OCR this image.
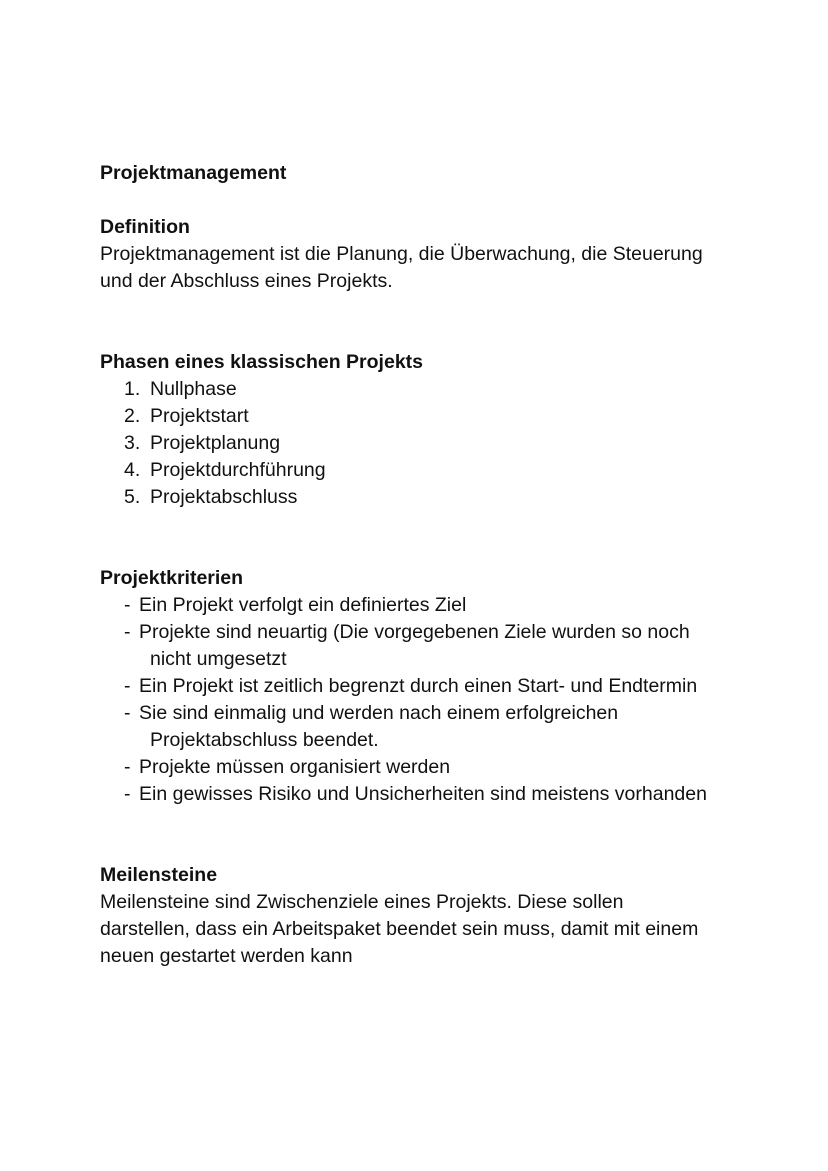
Projektmanagement

Definition

Projektmanagement ist die Planung, die Überwachung, die Steuerung

und der Abschluss eines Projekts.

Phasen eines klassischen Projekts

1. Nullphase
2. Projektstart
3. Projektplanung
4. Projektdurchführung
5. Projektabschluss

Projektkriterien

- Ein Projekt verfolgt ein definiertes Ziel
- Projekte sind neuartig (Die vorgegebenen Ziele wurden so noch
nicht umgesetzt
- Ein Projekt ist zeitlich begrenzt durch einen Start- und Endtermin
- Sie sind einmalig und werden nach einem erfolgreichen
Projektabschluss beendet.
- Projekte müssen organisiert werden
- Ein gewisses Risiko und Unsicherheiten sind meistens vorhanden

Meilensteine

Meilensteine sind Zwischenziele eines Projekts. Diese sollen

darstellen, dass ein Arbeitspaket beendet sein muss, damit mit einem

neuen gestartet werden kann
